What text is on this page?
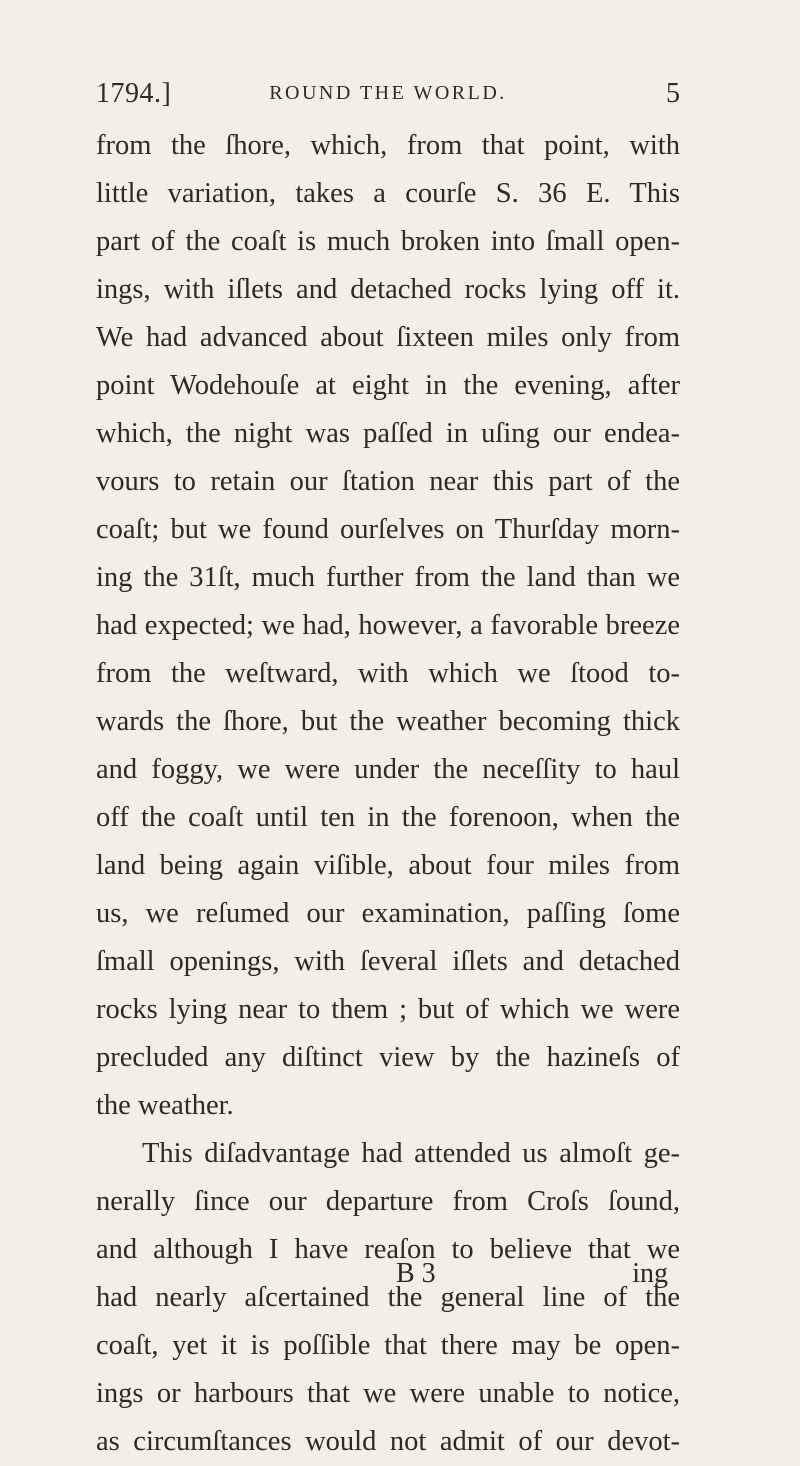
1794.]	ROUND THE WORLD.	5
from the ſhore, which, from that point, with
little variation, takes a courſe S. 36 E. This
part of the coaſt is much broken into ſmall open-
ings, with iſlets and detached rocks lying off it.
We had advanced about ſixteen miles only from
point Wodehouſe at eight in the evening, after
which, the night was paſſed in uſing our endea-
vours to retain our ſtation near this part of the
coaſt; but we found ourſelves on Thurſday morn-
ing the 31ſt, much further from the land than we
had expected; we had, however, a favorable breeze
from the weſtward, with which we ſtood to-
wards the ſhore, but the weather becoming thick
and foggy, we were under the neceſſity to haul
off the coaſt until ten in the forenoon, when the
land being again viſible, about four miles from
us, we reſumed our examination, paſſing ſome
ſmall openings, with ſeveral iſlets and detached
rocks lying near to them ; but of which we were
precluded any diſtinct view by the hazineſs of
the weather.
This diſadvantage had attended us almoſt ge-
nerally ſince our departure from Croſs ſound,
and although I have reaſon to believe that we
had nearly aſcertained the general line of the
coaſt, yet it is poſſible that there may be open-
ings or harbours that we were unable to notice,
as circumſtances would not admit of our devot-
B 3	ing
